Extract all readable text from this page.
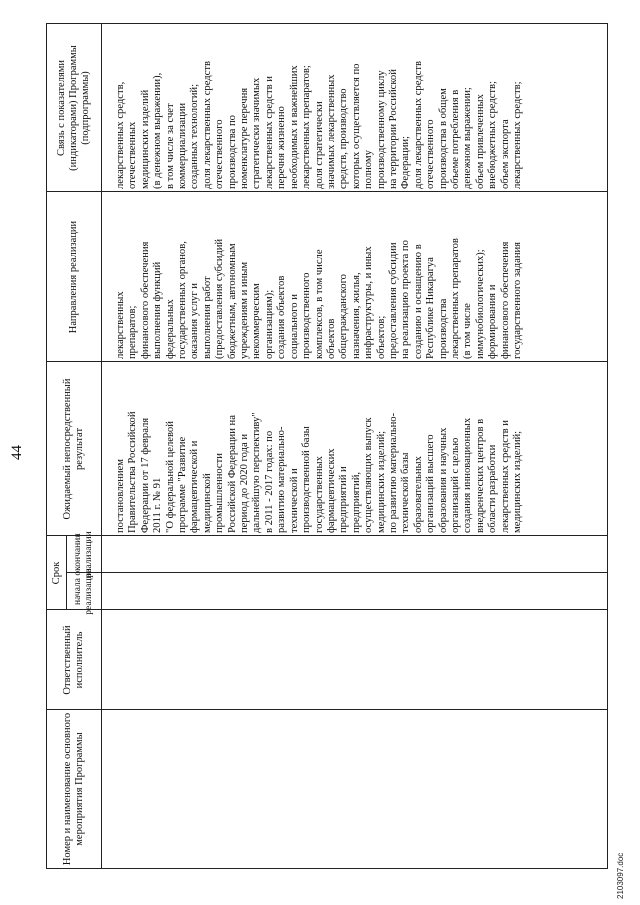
44
Номер и наименование основного мероприятия Программы
Ответственный исполнитель
Срок
начала реализации
окончания реализации
Ожидаемый непосредственный результат
Направления реализации
Связь с показателями (индикаторами) Программы (подпрограммы)
постановлением
Правительства Российской
Федерации от 17 февраля
2011 г. № 91
"О федеральной целевой
программе "Развитие
фармацевтической и
медицинской
промышленности
Российской Федерации на
период до 2020 года и
дальнейшую перспективу"
в 2011 - 2017 годах: по
развитию материально-
технической и
производственной базы
государственных
фармацевтических
предприятий и
предприятий,
осуществляющих выпуск
медицинских изделий;
по развитию материально-
технической базы
образовательных
организаций высшего
образования и научных
организаций с целью
создания инновационных
внедренческих центров в
области разработки
лекарственных средств и
медицинских изделий;
лекарственных
препаратов;
финансового обеспечения
выполнения функций
федеральных
государственных органов,
оказания услуг и
выполнения работ
(предоставления субсидий
бюджетным, автономным
учреждениям и иным
некоммерческим
организациям);
создания объектов
социального и
производственного
комплексов, в том числе
объектов
общегражданского
назначения, жилья,
инфраструктуры, и иных
объектов;
предоставления субсидии
на реализацию проекта по
созданию и оснащению в
Республике Никарагуа
производства
лекарственных препаратов
(в том числе
иммунобиологических);
формирования и
финансового обеспечения
государственного задания
лекарственных средств,
отечественных
медицинских изделий
(в денежном выражении),
в том числе за счет
коммерциализации
созданных технологий;
доля лекарственных средств
отечественного
производства по
номенклатуре перечня
стратегически значимых
лекарственных средств и
перечня жизненно
необходимых и важнейших
лекарственных препаратов;
доля стратегически
значимых лекарственных
средств, производство
которых осуществляется по
полному
производственному циклу
на территории Российской
Федерации;
доля лекарственных средств
отечественного
производства в общем
объеме потребления в
денежном выражении;
объем привлеченных
внебюджетных средств;
объем экспорта
лекарственных средств;
2103097.doc
